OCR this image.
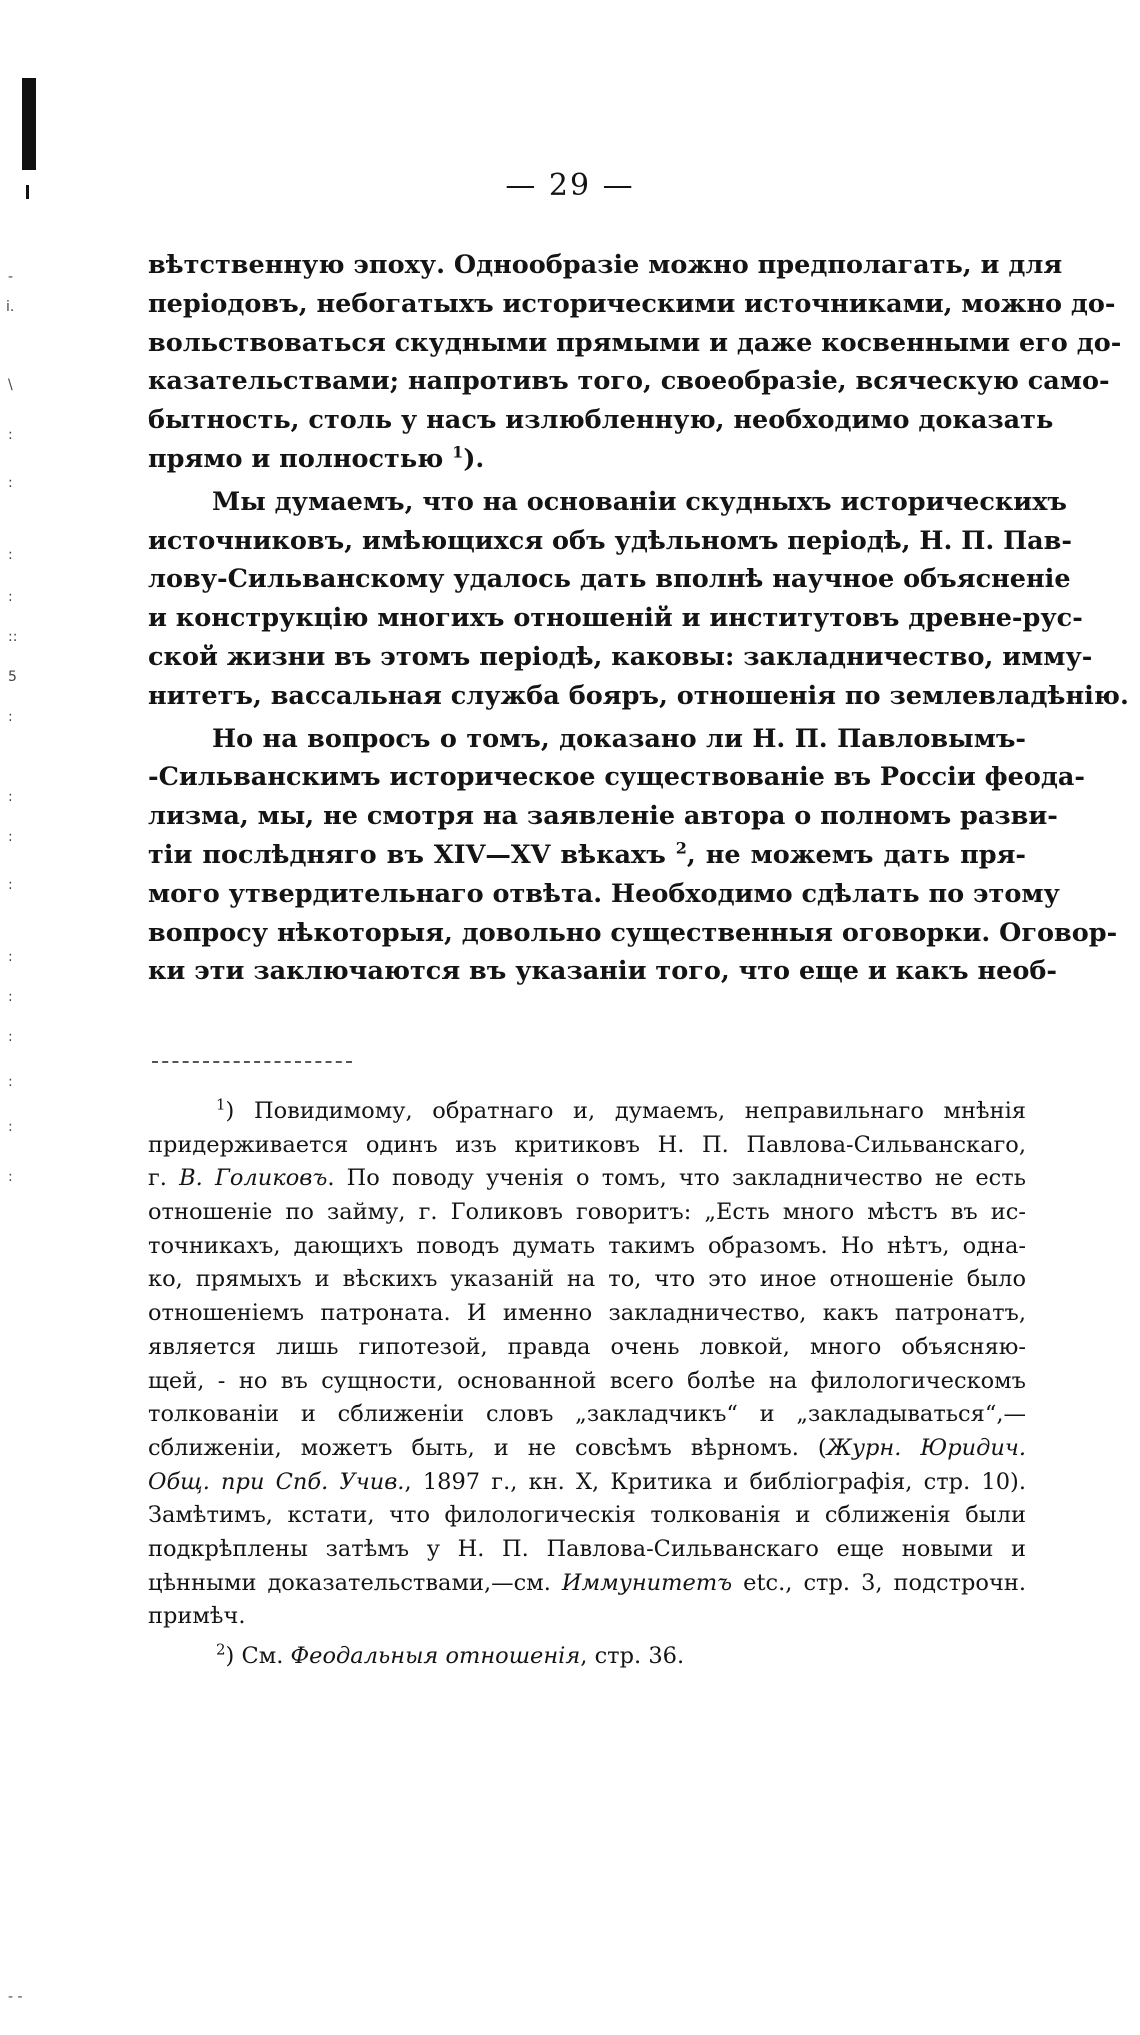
-
i.
\
:
:
:
:
::
5
:
:
:
:
:
:
:
:
:
:
- -
— 29 —
вѣтственную эпоху. Однообразіе можно предполагать, и для
періодовъ, небогатыхъ историческими источниками, можно до-
вольствоваться скудными прямыми и даже косвенными его до-
казательствами; напротивъ того, своеобразіе, всяческую само-
бытность, столь у насъ излюбленную, необходимо доказать
прямо и полностью $^1$).
Мы думаемъ, что на основаніи скудныхъ историческихъ
источниковъ, имѣющихся объ удѣльномъ періодѣ, Н. П. Пав-
лову-Сильванскому удалось дать вполнѣ научное объясненіе
и конструкцію многихъ отношеній и институтовъ древне-рус-
ской жизни въ этомъ періодѣ, каковы: закладничество, имму-
нитетъ, вассальная служба бояръ, отношенія по землевладѣнію.
Но на вопросъ о томъ, доказано ли Н. П. Павловымъ-
-Сильванскимъ историческое существованіе въ Россіи феода-
лизма, мы, не смотря на заявленіе автора о полномъ разви-
тіи послѣдняго въ XIV—XV вѣкахъ $^2$, не можемъ дать пря-
мого утвердительнаго отвѣта. Необходимо сдѣлать по этому
вопросу нѣкоторыя, довольно существенныя оговорки. Оговор-
ки эти заключаются въ указаніи того, что еще и какъ необ-
$^1$) Повидимому, обратнаго и, думаемъ, неправильнаго мнѣнія
придерживается одинъ изъ критиковъ Н. П. Павлова-Сильванскаго,
г. В. Голиковъ. По поводу ученія о томъ, что закладничество не есть
отношеніе по займу, г. Голиковъ говоритъ: „Есть много мѣстъ въ ис-
точникахъ, дающихъ поводъ думать такимъ образомъ. Но нѣтъ, одна-
ко, прямыхъ и вѣскихъ указаній на то, что это иное отношеніе было
отношеніемъ патроната. И именно закладничество, какъ патронатъ,
является лишь гипотезой, правда очень ловкой, много объясняю-
щей, - но въ сущности, основанной всего болѣе на филологическомъ
толкованіи и сближеніи словъ „закладчикъ“ и „закладываться“,—
сближеніи, можетъ быть, и не совсѣмъ вѣрномъ. (Журн. Юридич.
Общ. при Спб. Учив., 1897 г., кн. X, Критика и библіографія, стр. 10).
Замѣтимъ, кстати, что филологическія толкованія и сближенія были
подкрѣплены затѣмъ у Н. П. Павлова-Сильванскаго еще новыми и
цѣнными доказательствами,—см. Иммунитетъ etc., стр. 3, подстрочн.
примѣч.
$^2$) См. Феодальныя отношенія, стр. 36.
